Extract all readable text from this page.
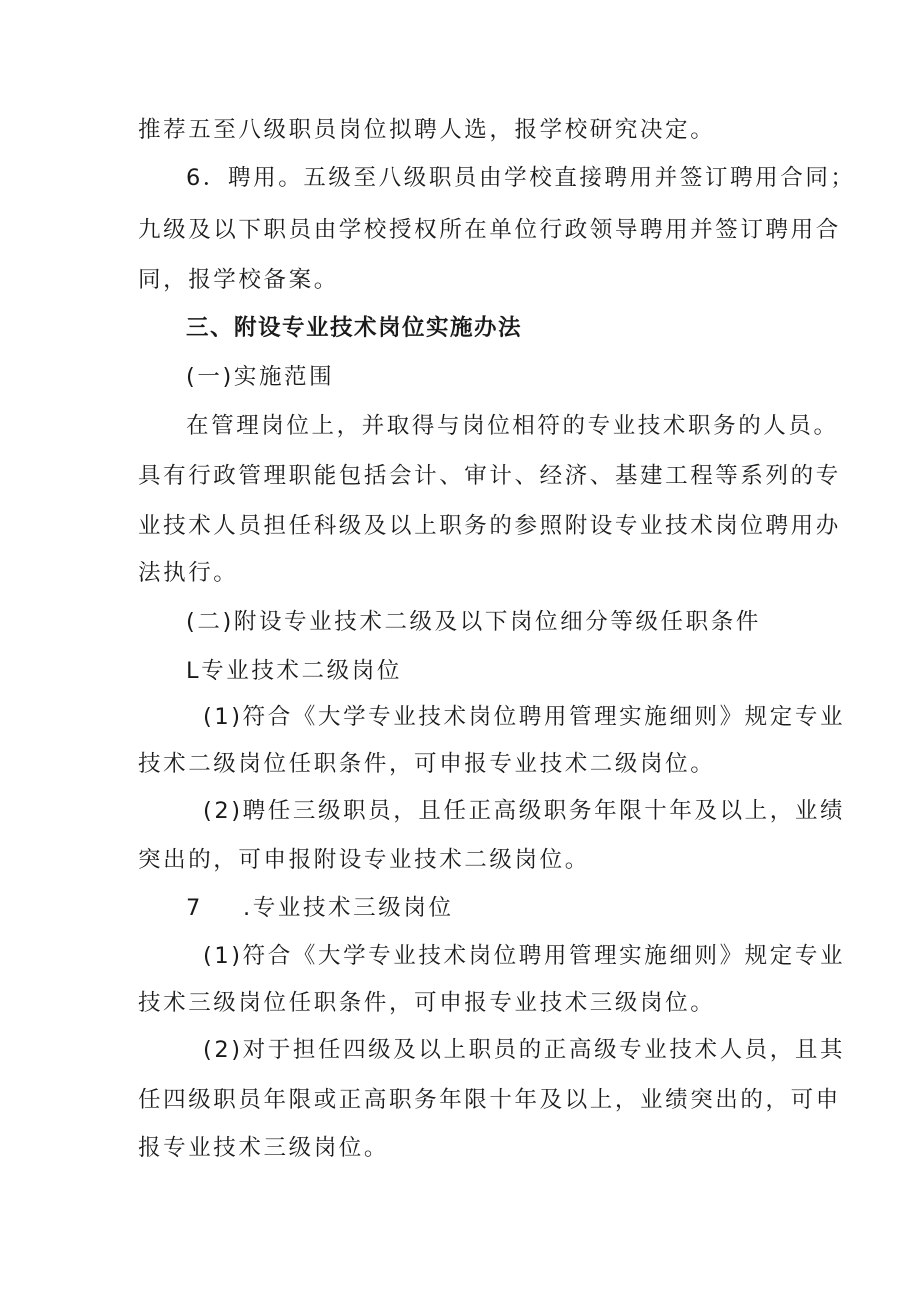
推荐五至八级职员岗位拟聘人选，报学校研究决定。
6．聘用。五级至八级职员由学校直接聘用并签订聘用合同；
九级及以下职员由学校授权所在单位行政领导聘用并签订聘用合
同，报学校备案。
三、附设专业技术岗位实施办法
(一)实施范围
在管理岗位上，并取得与岗位相符的专业技术职务的人员。
具有行政管理职能包括会计、审计、经济、基建工程等系列的专
业技术人员担任科级及以上职务的参照附设专业技术岗位聘用办
法执行。
(二)附设专业技术二级及以下岗位细分等级任职条件
L专业技术二级岗位
(1)符合《大学专业技术岗位聘用管理实施细则》规定专业
技术二级岗位任职条件，可申报专业技术二级岗位。
(2)聘任三级职员，且任正高级职务年限十年及以上，业绩
突出的，可申报附设专业技术二级岗位。
7	.专业技术三级岗位
(1)符合《大学专业技术岗位聘用管理实施细则》规定专业
技术三级岗位任职条件，可申报专业技术三级岗位。
(2)对于担任四级及以上职员的正高级专业技术人员，且其
任四级职员年限或正高职务年限十年及以上，业绩突出的，可申
报专业技术三级岗位。
